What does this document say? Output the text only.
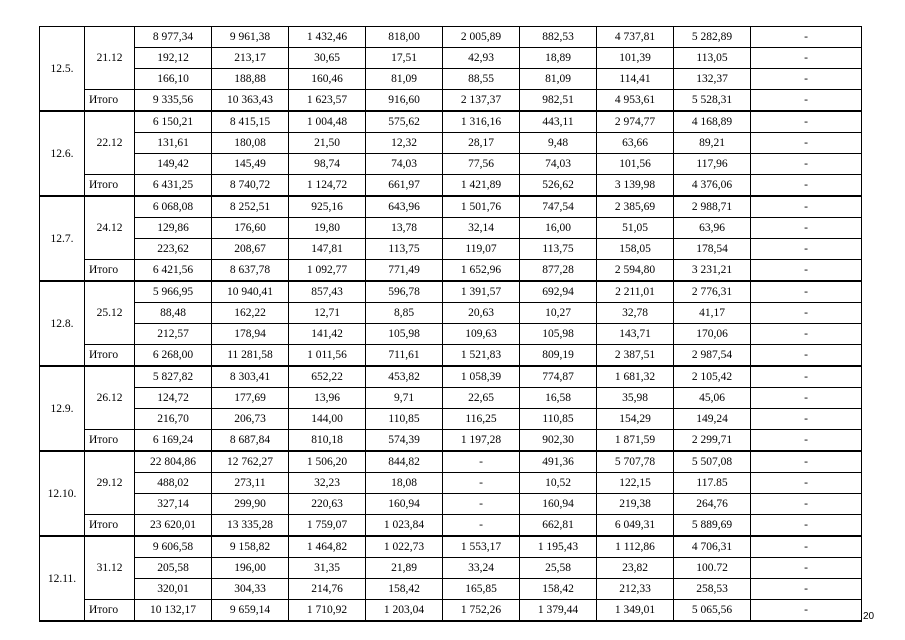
12.5.	21.12	8 977,34	9 961,38	1 432,46	818,00	2 005,89	882,53	4 737,81	5 282,89	-
		192,12	213,17	30,65	17,51	42,93	18,89	101,39	113,05	-
		166,10	188,88	160,46	81,09	88,55	81,09	114,41	132,37	-
	Итого	9 335,56	10 363,43	1 623,57	916,60	2 137,37	982,51	4 953,61	5 528,31	-
12.6.	22.12	6 150,21	8 415,15	1 004,48	575,62	1 316,16	443,11	2 974,77	4 168,89	-
		131,61	180,08	21,50	12,32	28,17	9,48	63,66	89,21	-
		149,42	145,49	98,74	74,03	77,56	74,03	101,56	117,96	-
	Итого	6 431,25	8 740,72	1 124,72	661,97	1 421,89	526,62	3 139,98	4 376,06	-
12.7.	24.12	6 068,08	8 252,51	925,16	643,96	1 501,76	747,54	2 385,69	2 988,71	-
		129,86	176,60	19,80	13,78	32,14	16,00	51,05	63,96	-
		223,62	208,67	147,81	113,75	119,07	113,75	158,05	178,54	-
	Итого	6 421,56	8 637,78	1 092,77	771,49	1 652,96	877,28	2 594,80	3 231,21	-
12.8.	25.12	5 966,95	10 940,41	857,43	596,78	1 391,57	692,94	2 211,01	2 776,31	-
		88,48	162,22	12,71	8,85	20,63	10,27	32,78	41,17	-
		212,57	178,94	141,42	105,98	109,63	105,98	143,71	170,06	-
	Итого	6 268,00	11 281,58	1 011,56	711,61	1 521,83	809,19	2 387,51	2 987,54	-
12.9.	26.12	5 827,82	8 303,41	652,22	453,82	1 058,39	774,87	1 681,32	2 105,42	-
		124,72	177,69	13,96	9,71	22,65	16,58	35,98	45,06	-
		216,70	206,73	144,00	110,85	116,25	110,85	154,29	149,24	-
	Итого	6 169,24	8 687,84	810,18	574,39	1 197,28	902,30	1 871,59	2 299,71	-
12.10.	29.12	22 804,86	12 762,27	1 506,20	844,82	-	491,36	5 707,78	5 507,08	-
		488,02	273,11	32,23	18,08	-	10,52	122,15	117.85	-
		327,14	299,90	220,63	160,94	-	160,94	219,38	264,76	-
	Итого	23 620,01	13 335,28	1 759,07	1 023,84	-	662,81	6 049,31	5 889,69	-
12.11.	31.12	9 606,58	9 158,82	1 464,82	1 022,73	1 553,17	1 195,43	1 112,86	4 706,31	-
		205,58	196,00	31,35	21,89	33,24	25,58	23,82	100.72	-
		320,01	304,33	214,76	158,42	165,85	158,42	212,33	258,53	-
	Итого	10 132,17	9 659,14	1 710,92	1 203,04	1 752,26	1 379,44	1 349,01	5 065,56	-
20
